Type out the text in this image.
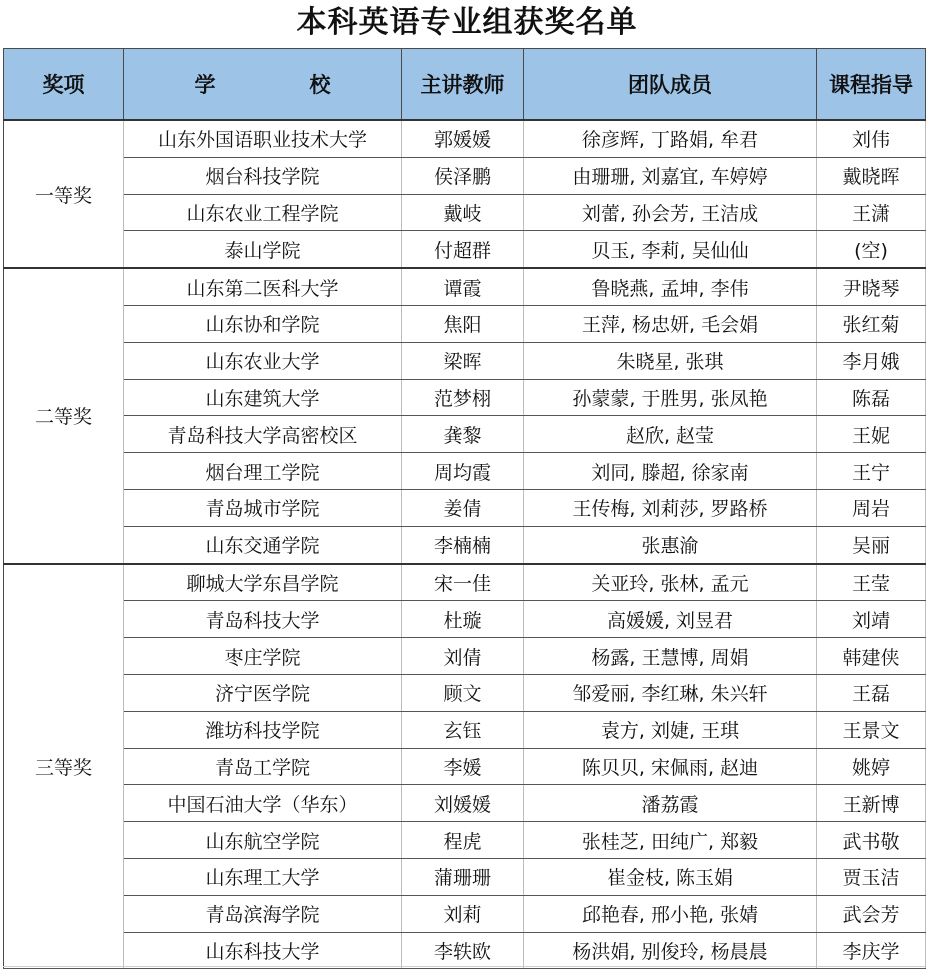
本科英语专业组获奖名单
奖项	学 校	主讲教师	团队成员	课程指导
一等奖	山东外国语职业技术大学	郭媛媛	徐彦辉, 丁路娟, 牟君	刘伟
	烟台科技学院	侯泽鹏	由珊珊, 刘嘉宜, 车婷婷	戴晓晖
	山东农业工程学院	戴岐	刘蕾, 孙会芳, 王洁成	王潇
	泰山学院	付超群	贝玉, 李莉, 吴仙仙	(空)
二等奖	山东第二医科大学	谭霞	鲁晓燕, 孟坤, 李伟	尹晓琴
	山东协和学院	焦阳	王萍, 杨忠妍, 毛会娟	张红菊
	山东农业大学	梁晖	朱晓星, 张琪	李月娥
	山东建筑大学	范梦栩	孙蒙蒙, 于胜男, 张凤艳	陈磊
	青岛科技大学高密校区	龚黎	赵欣, 赵莹	王妮
	烟台理工学院	周均霞	刘同, 滕超, 徐家南	王宁
	青岛城市学院	姜倩	王传梅, 刘莉莎, 罗路桥	周岩
	山东交通学院	李楠楠	张惠渝	吴丽
三等奖	聊城大学东昌学院	宋一佳	关亚玲, 张林, 孟元	王莹
	青岛科技大学	杜璇	高媛媛, 刘昱君	刘靖
	枣庄学院	刘倩	杨露, 王慧博, 周娟	韩建侠
	济宁医学院	顾文	邹爱丽, 李红琳, 朱兴轩	王磊
	潍坊科技学院	玄钰	袁方, 刘婕, 王琪	王景文
	青岛工学院	李媛	陈贝贝, 宋佩雨, 赵迪	姚婷
	中国石油大学（华东）	刘媛媛	潘荔霞	王新博
	山东航空学院	程虎	张桂芝, 田纯广, 郑毅	武书敬
	山东理工大学	蒲珊珊	崔金枝, 陈玉娟	贾玉洁
	青岛滨海学院	刘莉	邱艳春, 邢小艳, 张婧	武会芳
	山东科技大学	李轶欧	杨洪娟, 别俊玲, 杨晨晨	李庆学
